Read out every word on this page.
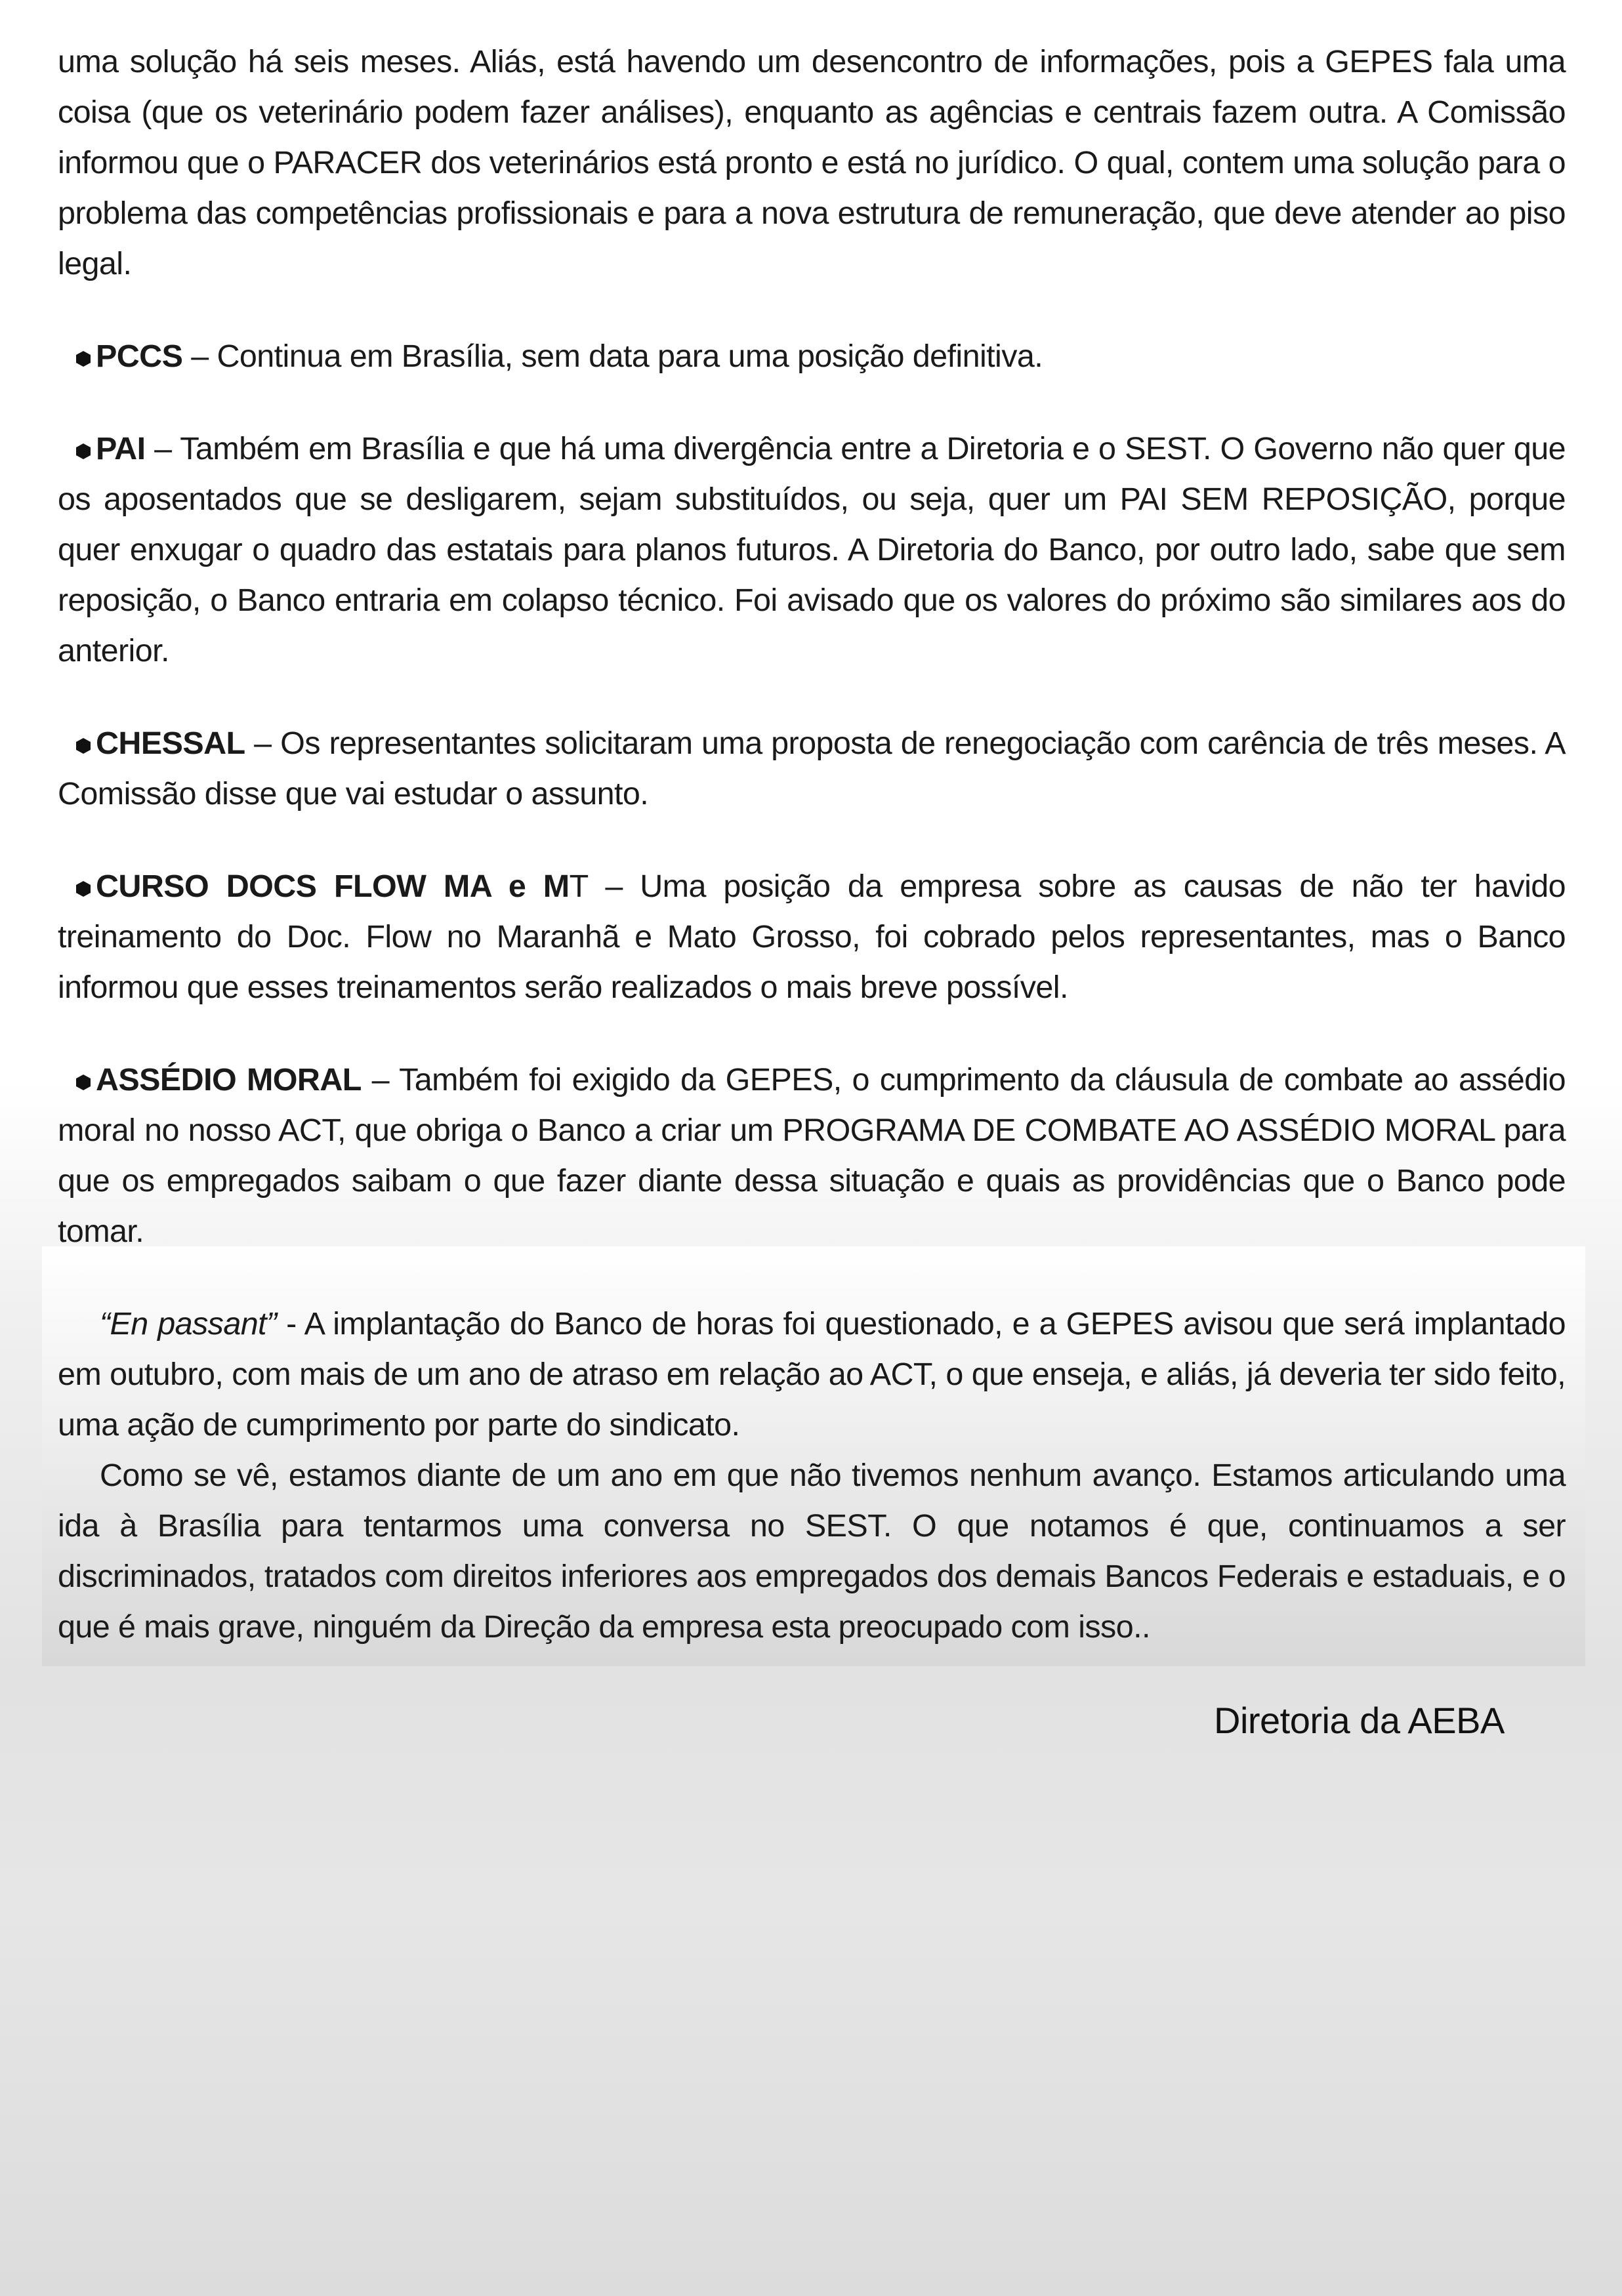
uma solução há seis meses. Aliás, está havendo um desencontro de informações, pois a GEPES fala uma coisa (que os veterinário podem fazer análises), enquanto as agências e centrais fazem outra. A Comissão informou que o PARACER dos veterinários está pronto e está no jurídico. O qual, contem uma solução para o problema das competências profissionais e para a nova estrutura de remuneração, que deve atender ao piso legal.

PCCS – Continua em Brasília, sem data para uma posição definitiva.

PAI – Também em Brasília e que há uma divergência entre a Diretoria e o SEST. O Governo não quer que os aposentados que se desligarem, sejam substituídos, ou seja, quer um PAI SEM REPOSIÇÃO, porque quer enxugar o quadro das estatais para planos futuros. A Diretoria do Banco, por outro lado, sabe que sem reposição, o Banco entraria em colapso técnico. Foi avisado que os valores do próximo são similares aos do anterior.

CHESSAL – Os representantes solicitaram uma proposta de renegociação com carência de três meses. A Comissão disse que vai estudar o assunto.

CURSO DOCS FLOW MA e MT – Uma posição da empresa sobre as causas de não ter havido treinamento do Doc. Flow no Maranhã e Mato Grosso, foi cobrado pelos representantes, mas o Banco informou que esses treinamentos serão realizados o mais breve possível.

ASSÉDIO MORAL – Também foi exigido da GEPES, o cumprimento da cláusula de combate ao assédio moral no nosso ACT, que obriga o Banco a criar um PROGRAMA DE COMBATE AO ASSÉDIO MORAL para que os empregados saibam o que fazer diante dessa situação e quais as providências que o Banco pode tomar.

“En passant” - A implantação do Banco de horas foi questionado, e a GEPES avisou que será implantado em outubro, com mais de um ano de atraso em relação ao ACT, o que enseja, e aliás, já deveria ter sido feito, uma ação de cumprimento por parte do sindicato.

Como se vê, estamos diante de um ano em que não tivemos nenhum avanço. Estamos articulando uma ida à Brasília para tentarmos uma conversa no SEST. O que notamos é que, continuamos a ser discriminados, tratados com direitos inferiores aos empregados dos demais Bancos Federais e estaduais, e o que é mais grave, ninguém da Direção da empresa esta preocupado com isso..

Diretoria da AEBA
